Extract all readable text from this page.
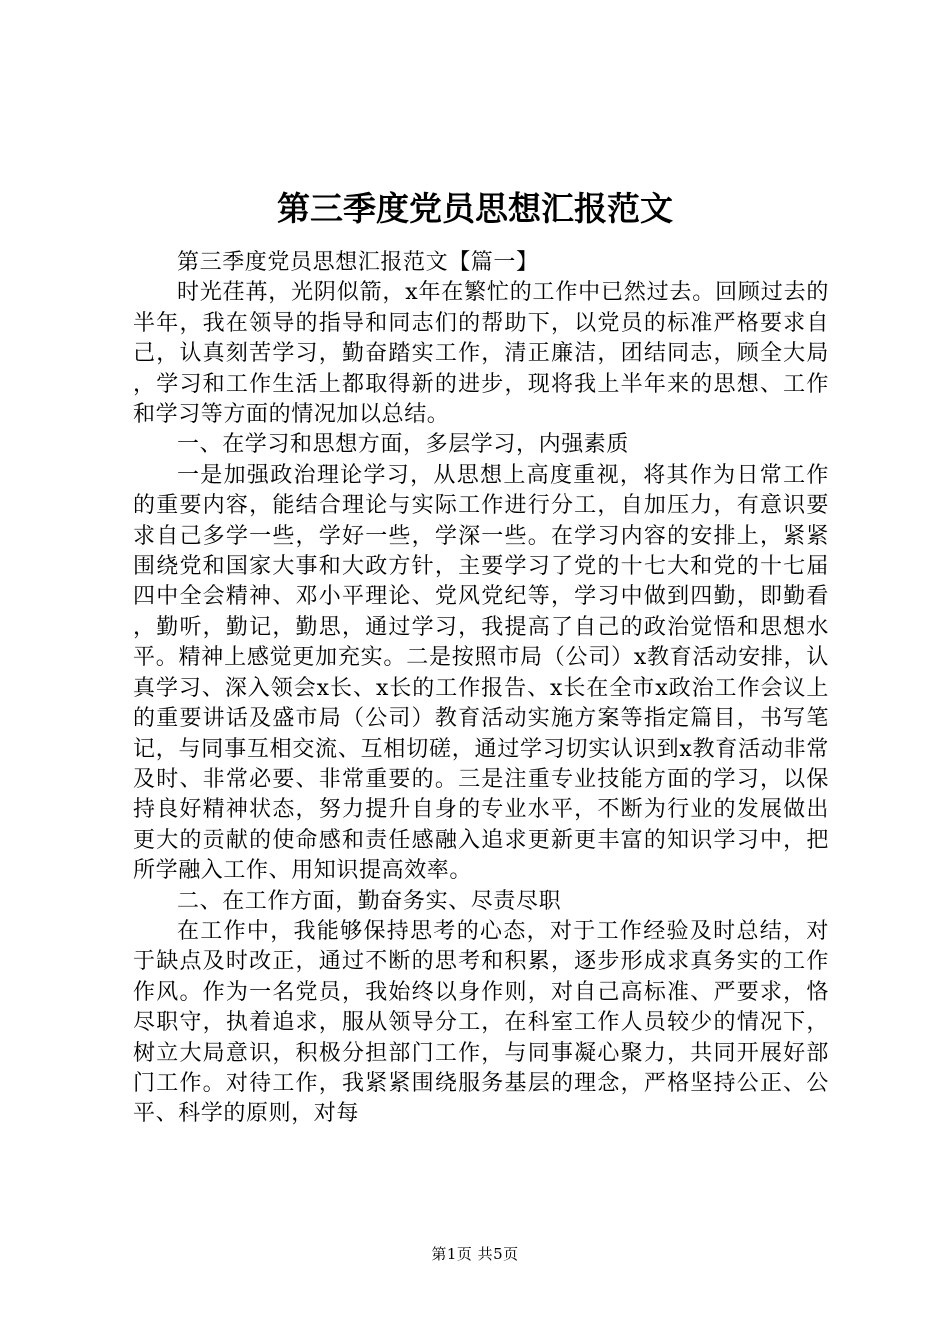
第三季度党员思想汇报范文

第三季度党员思想汇报范文【篇一】

时光荏苒，光阴似箭，x年在繁忙的工作中已然过去。回顾过去的半年，我在领导的指导和同志们的帮助下，以党员的标准严格要求自己，认真刻苦学习，勤奋踏实工作，清正廉洁，团结同志，顾全大局，学习和工作生活上都取得新的进步，现将我上半年来的思想、工作和学习等方面的情况加以总结。

一、在学习和思想方面，多层学习，内强素质

一是加强政治理论学习，从思想上高度重视，将其作为日常工作的重要内容，能结合理论与实际工作进行分工，自加压力，有意识要求自己多学一些，学好一些，学深一些。在学习内容的安排上，紧紧围绕党和国家大事和大政方针，主要学习了党的十七大和党的十七届四中全会精神、邓小平理论、党风党纪等，学习中做到四勤，即勤看，勤听，勤记，勤思，通过学习，我提高了自己的政治觉悟和思想水平。精神上感觉更加充实。二是按照市局（公司）x教育活动安排，认真学习、深入领会x长、x长的工作报告、x长在全市x政治工作会议上的重要讲话及盛市局（公司）教育活动实施方案等指定篇目，书写笔记，与同事互相交流、互相切磋，通过学习切实认识到x教育活动非常及时、非常必要、非常重要的。三是注重专业技能方面的学习，以保持良好精神状态，努力提升自身的专业水平，不断为行业的发展做出更大的贡献的使命感和责任感融入追求更新更丰富的知识学习中，把所学融入工作、用知识提高效率。

二、在工作方面，勤奋务实、尽责尽职

在工作中，我能够保持思考的心态，对于工作经验及时总结，对于缺点及时改正，通过不断的思考和积累，逐步形成求真务实的工作作风。作为一名党员，我始终以身作则，对自己高标准、严要求，恪尽职守，执着追求，服从领导分工，在科室工作人员较少的情况下，树立大局意识，积极分担部门工作，与同事凝心聚力，共同开展好部门工作。对待工作，我紧紧围绕服务基层的理念，严格坚持公正、公平、科学的原则，对每

第1页 共5页
